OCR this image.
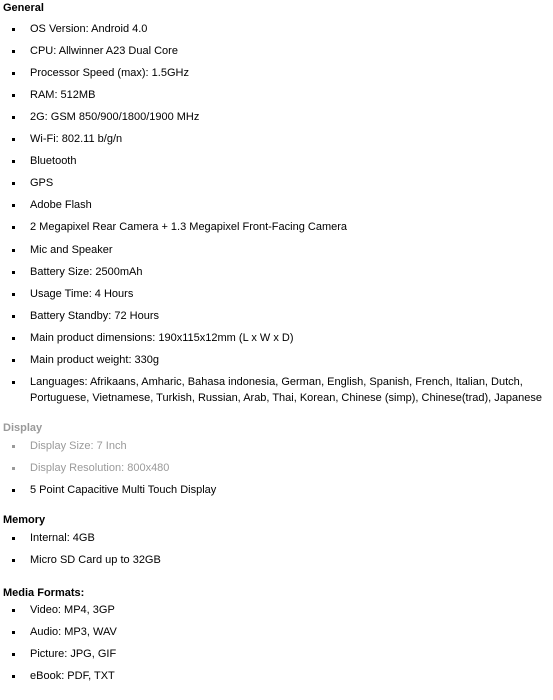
General
OS Version: Android 4.0
CPU: Allwinner A23 Dual Core
Processor Speed (max): 1.5GHz
RAM: 512MB
2G: GSM 850/900/1800/1900 MHz
Wi-Fi: 802.11 b/g/n
Bluetooth
GPS
Adobe Flash
2 Megapixel Rear Camera + 1.3 Megapixel Front-Facing Camera
Mic and Speaker
Battery Size: 2500mAh
Usage Time: 4 Hours
Battery Standby: 72 Hours
Main product dimensions: 190x115x12mm (L x W x D)
Main product weight: 330g
Languages: Afrikaans, Amharic, Bahasa indonesia, German, English, Spanish, French, Italian, Dutch, Portuguese, Vietnamese, Turkish, Russian, Arab, Thai, Korean, Chinese (simp), Chinese(trad), Japanese
Display
Display Size: 7 Inch
Display Resolution: 800x480
5 Point Capacitive Multi Touch Display
Memory
Internal: 4GB
Micro SD Card up to 32GB
Media Formats:
Video: MP4, 3GP
Audio: MP3, WAV
Picture: JPG, GIF
eBook: PDF, TXT
